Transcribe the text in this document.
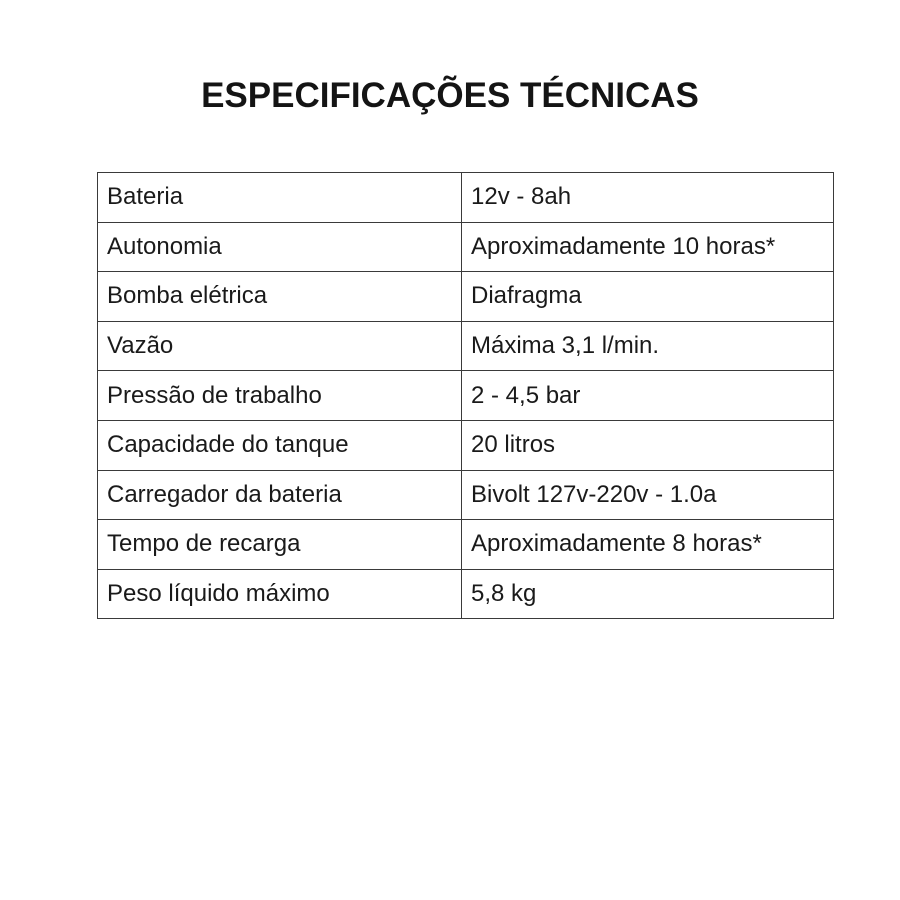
ESPECIFICAÇÕES TÉCNICAS
Bateria	12v - 8ah
Autonomia	Aproximadamente 10 horas*
Bomba elétrica	Diafragma
Vazão	Máxima 3,1 l/min.
Pressão de trabalho	2 - 4,5 bar
Capacidade do tanque	20 litros
Carregador da bateria	Bivolt 127v-220v - 1.0a
Tempo de recarga	Aproximadamente 8 horas*
Peso líquido máximo	5,8 kg
